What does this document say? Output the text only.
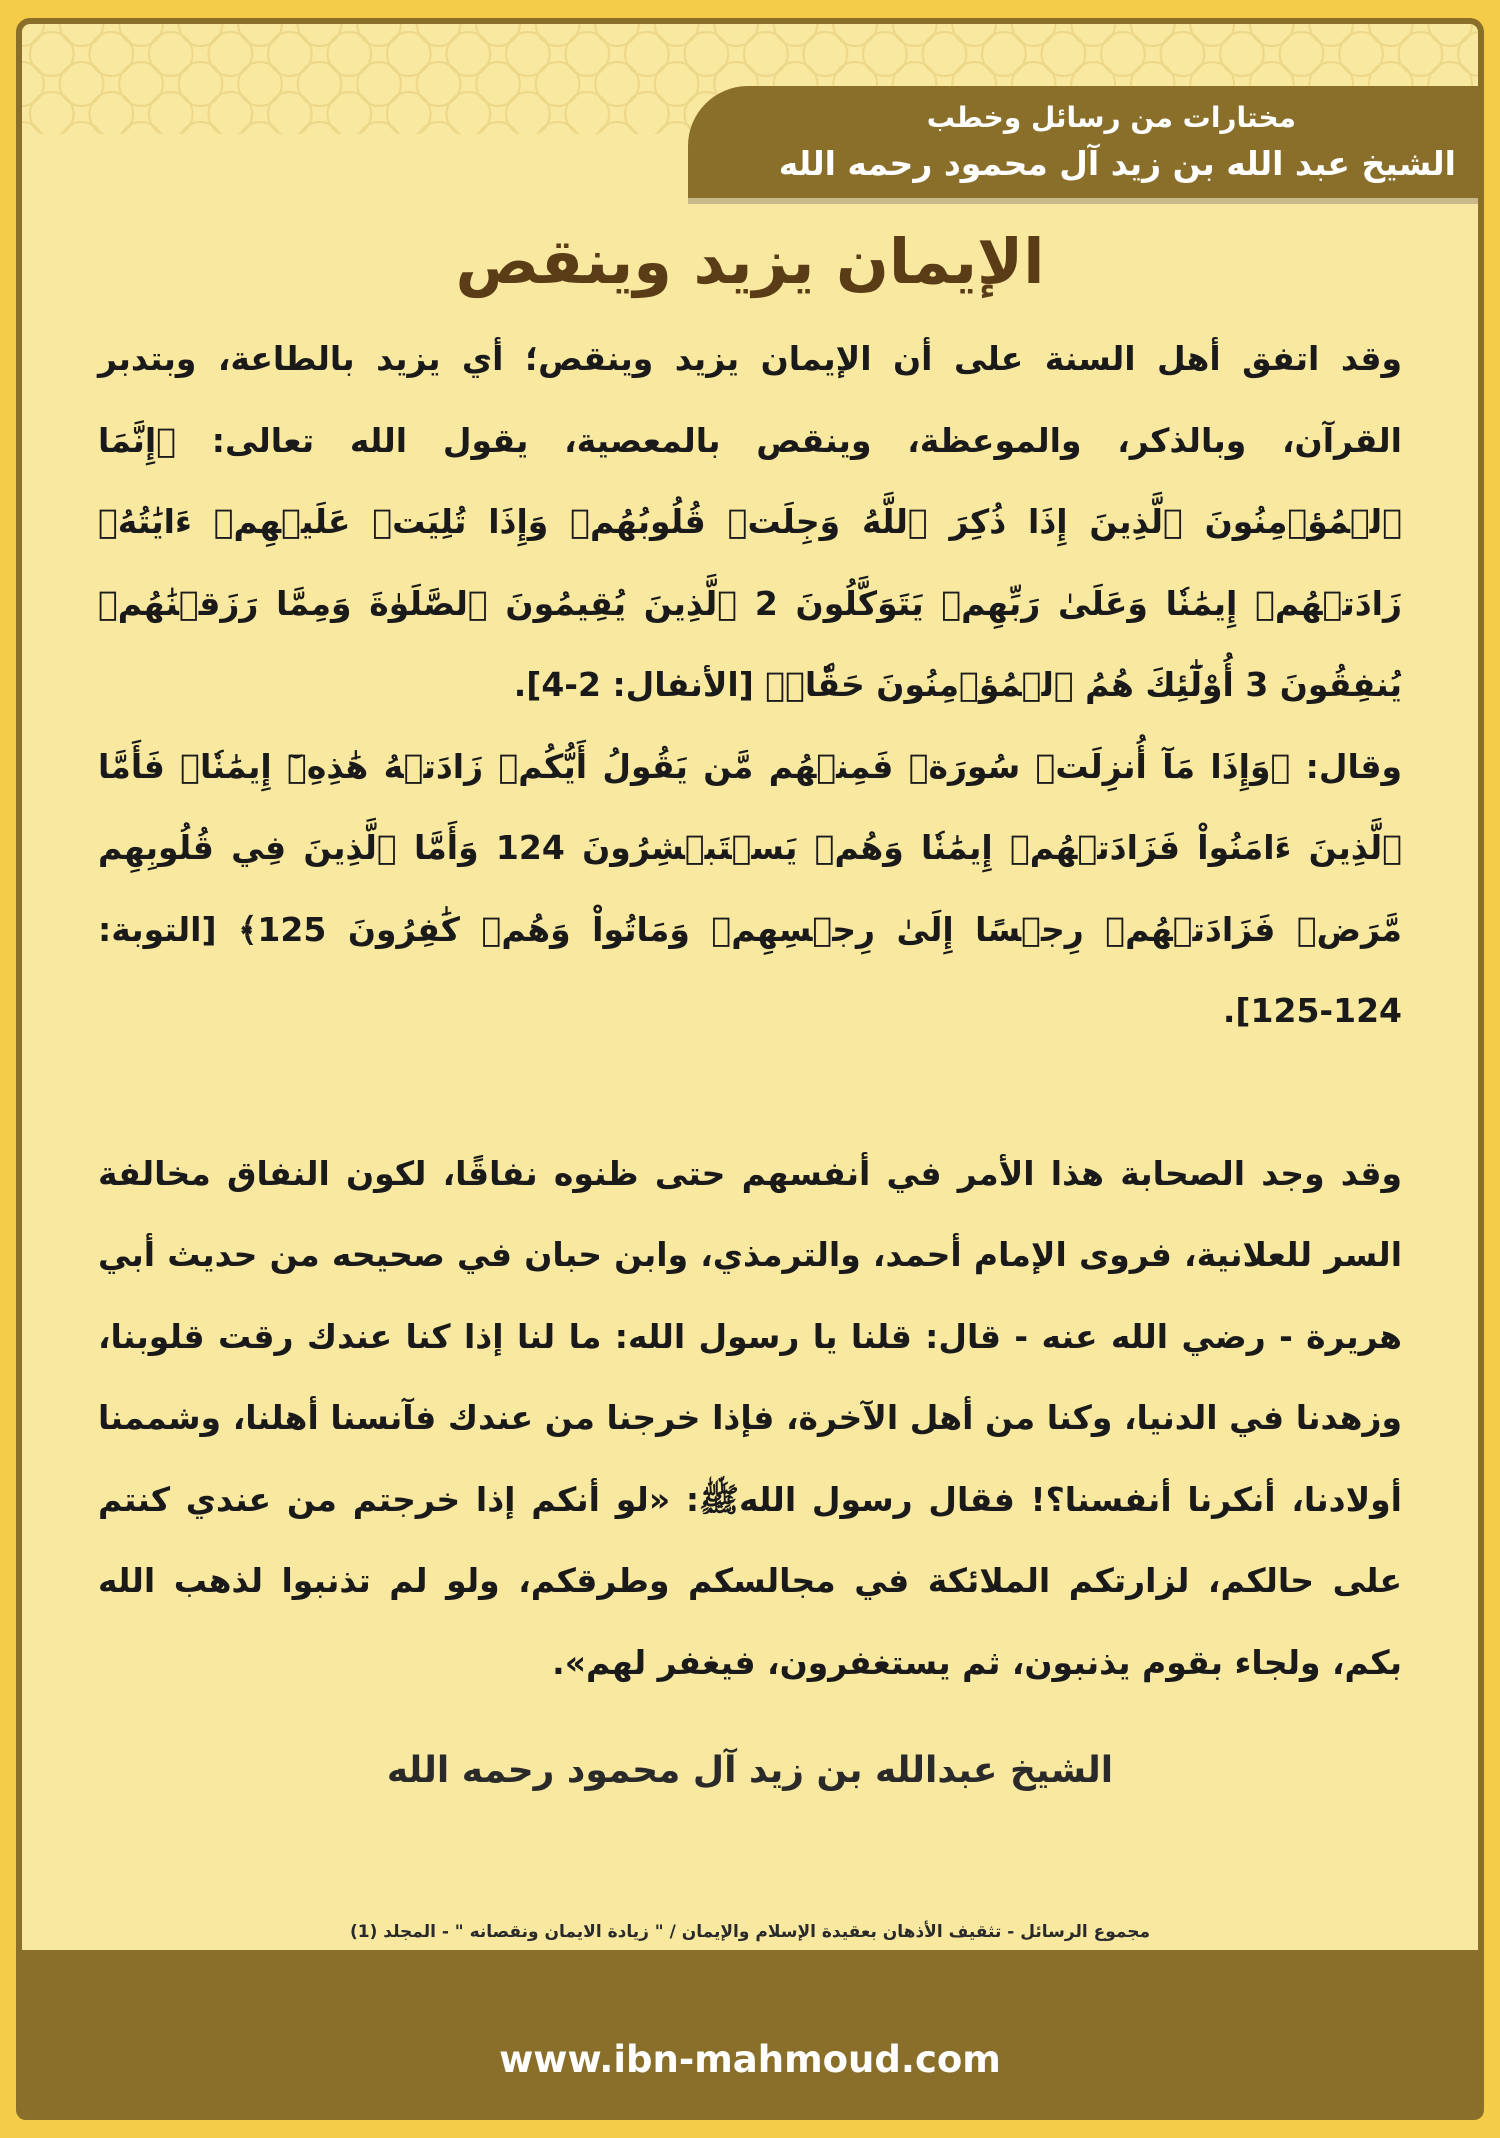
مختارات من رسائل وخطب
الشيخ عبد الله بن زيد آل محمود رحمه الله
الإيمان يزيد وينقص

وقد اتفق أهل السنة على أن الإيمان يزيد وينقص؛ أي يزيد بالطاعة، وبتدبر القرآن، وبالذكر، والموعظة، وينقص بالمعصية، يقول الله تعالى: ﴿إِنَّمَا ٱلۡمُؤۡمِنُونَ ٱلَّذِينَ إِذَا ذُكِرَ ٱللَّهُ وَجِلَتۡ قُلُوبُهُمۡ وَإِذَا تُلِيَتۡ عَلَيۡهِمۡ ءَايَٰتُهُۥ زَادَتۡهُمۡ إِيمَٰنٗا وَعَلَىٰ رَبِّهِمۡ يَتَوَكَّلُونَ 2 ٱلَّذِينَ يُقِيمُونَ ٱلصَّلَوٰةَ وَمِمَّا رَزَقۡنَٰهُمۡ يُنفِقُونَ 3 أُوْلَٰٓئِكَ هُمُ ٱلۡمُؤۡمِنُونَ حَقّٗاۚ﴾ [الأنفال: 2-4].

وقال: ﴿وَإِذَا مَآ أُنزِلَتۡ سُورَةٞ فَمِنۡهُم مَّن يَقُولُ أَيُّكُمۡ زَادَتۡهُ هَٰذِهِۦٓ إِيمَٰنٗاۚ فَأَمَّا ٱلَّذِينَ ءَامَنُواْ فَزَادَتۡهُمۡ إِيمَٰنٗا وَهُمۡ يَسۡتَبۡشِرُونَ 124 وَأَمَّا ٱلَّذِينَ فِي قُلُوبِهِم مَّرَضٞ فَزَادَتۡهُمۡ رِجۡسًا إِلَىٰ رِجۡسِهِمۡ وَمَاتُواْ وَهُمۡ كَٰفِرُونَ 125﴾ [التوبة: 124-125].

وقد وجد الصحابة هذا الأمر في أنفسهم حتى ظنوه نفاقًا، لكون النفاق مخالفة السر للعلانية، فروى الإمام أحمد، والترمذي، وابن حبان في صحيحه من حديث أبي هريرة - رضي الله عنه - قال: قلنا يا رسول الله: ما لنا إذا كنا عندك رقت قلوبنا، وزهدنا في الدنيا، وكنا من أهل الآخرة، فإذا خرجنا من عندك فآنسنا أهلنا، وشممنا أولادنا، أنكرنا أنفسنا؟! فقال رسول اللهﷺ: «لو أنكم إذا خرجتم من عندي كنتم على حالكم، لزارتكم الملائكة في مجالسكم وطرقكم، ولو لم تذنبوا لذهب الله بكم، ولجاء بقوم يذنبون، ثم يستغفرون، فيغفر لهم».

الشيخ عبدالله بن زيد آل محمود رحمه الله
مجموع الرسائل - تثقيف الأذهان بعقيدة الإسلام والإيمان / " زيادة الايمان ونقصانه " - المجلد (1)
www.ibn-mahmoud.com
